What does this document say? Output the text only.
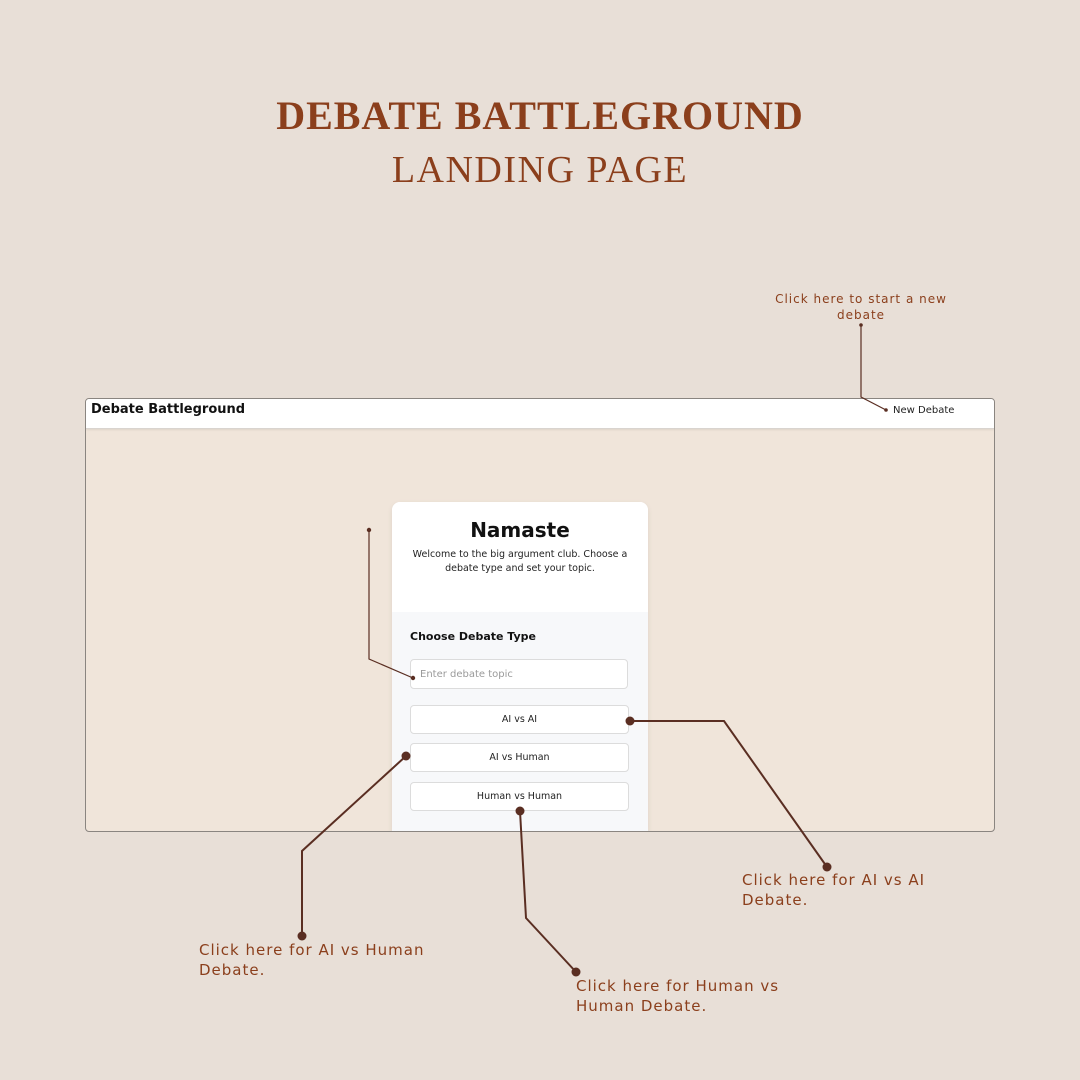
DEBATE BATTLEGROUND
LANDING PAGE
Click here to start a new debate
Debate Battleground	New Debate
Namaste
Welcome to the big argument club. Choose a debate type and set your topic.
Choose Debate Type
Enter debate topic
AI vs AI
AI vs Human
Human vs Human
Click here for AI vs AI Debate.
Click here for AI vs Human Debate.
Click here for Human vs Human Debate.
